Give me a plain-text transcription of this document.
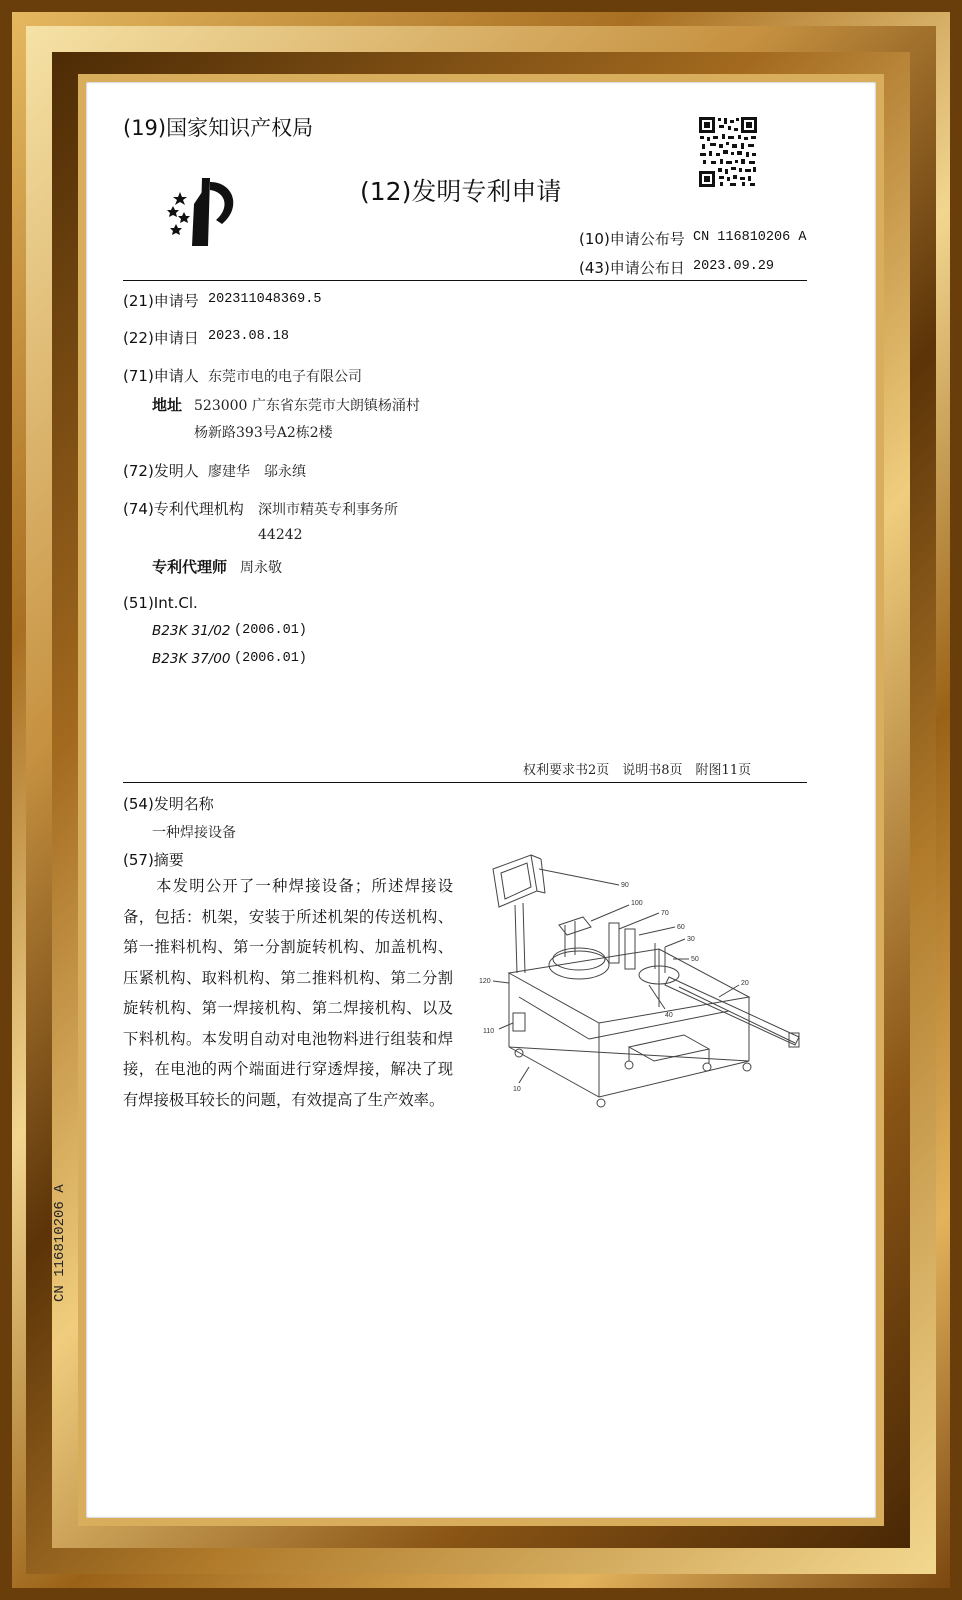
(19)国家知识产权局
(12)发明专利申请
(10)申请公布号 CN 116810206 A
(43)申请公布日 2023.09.29
(21)申请号 202311048369.5
(22)申请日 2023.08.18
(71)申请人 东莞市电的电子有限公司
地址 523000 广东省东莞市大朗镇杨涌村
杨新路393号A2栋2楼
(72)发明人 廖建华　邬永缜
(74)专利代理机构 深圳市精英专利事务所
44242
专利代理师 周永敬
(51)Int.Cl.
B23K 31/02 (2006.01)
B23K 37/00 (2006.01)
权利要求书2页　说明书8页　附图11页
(54)发明名称
一种焊接设备
(57)摘要
　　本发明公开了一种焊接设备；所述焊接设备，包括：机架，安装于所述机架的传送机构、第一推料机构、第一分割旋转机构、加盖机构、压紧机构、取料机构、第二推料机构、第二分割旋转机构、第一焊接机构、第二焊接机构、以及下料机构。本发明自动对电池物料进行组装和焊接，在电池的两个端面进行穿透焊接，解决了现有焊接极耳较长的问题，有效提高了生产效率。
90
100
70
60
30
50
20
120
40
110
10
CN 116810206 A
